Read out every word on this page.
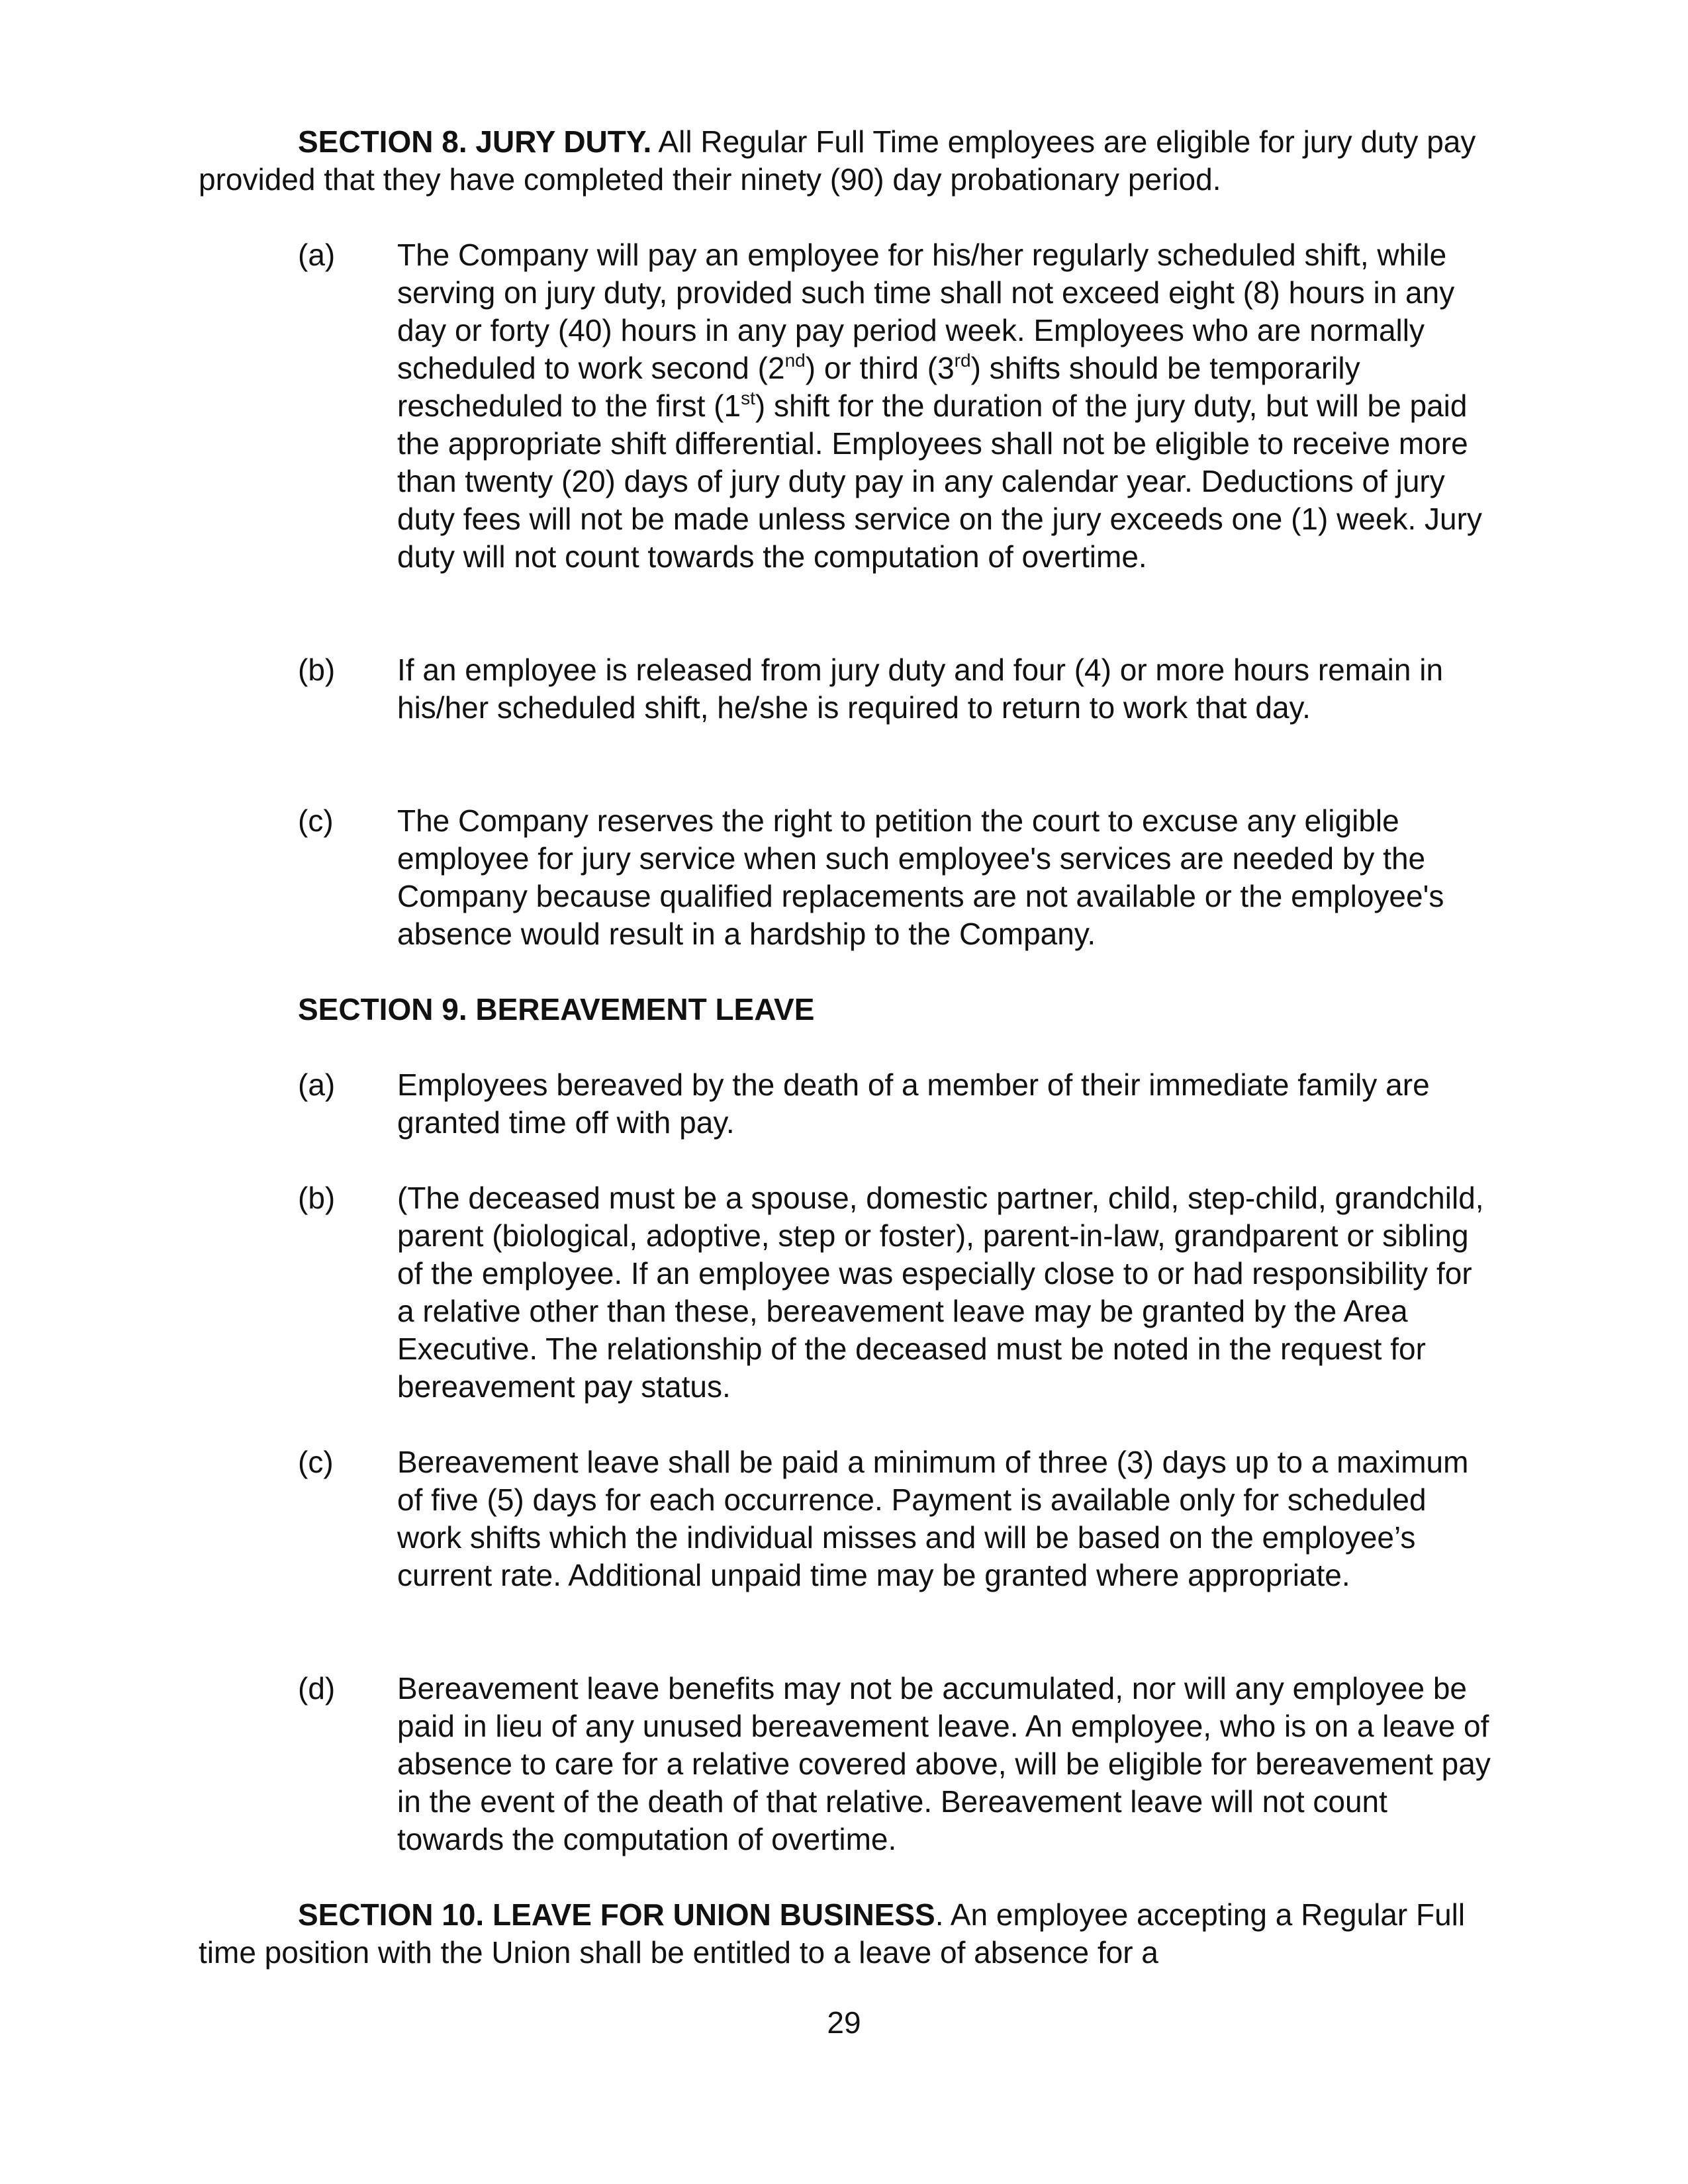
SECTION 8. JURY DUTY. All Regular Full Time employees are eligible for jury duty pay provided that they have completed their ninety (90) day probationary period.

(a) The Company will pay an employee for his/her regularly scheduled shift, while serving on jury duty, provided such time shall not exceed eight (8) hours in any day or forty (40) hours in any pay period week. Employees who are normally scheduled to work second (2nd) or third (3rd) shifts should be temporarily rescheduled to the first (1st) shift for the duration of the jury duty, but will be paid the appropriate shift differential. Employees shall not be eligible to receive more than twenty (20) days of jury duty pay in any calendar year. Deductions of jury duty fees will not be made unless service on the jury exceeds one (1) week. Jury duty will not count towards the computation of overtime.

(b) If an employee is released from jury duty and four (4) or more hours remain in his/her scheduled shift, he/she is required to return to work that day.

(c) The Company reserves the right to petition the court to excuse any eligible employee for jury service when such employee's services are needed by the Company because qualified replacements are not available or the employee's absence would result in a hardship to the Company.

SECTION 9. BEREAVEMENT LEAVE

(a) Employees bereaved by the death of a member of their immediate family are granted time off with pay.

(b) (The deceased must be a spouse, domestic partner, child, step-child, grandchild, parent (biological, adoptive, step or foster), parent-in-law, grandparent or sibling of the employee. If an employee was especially close to or had responsibility for a relative other than these, bereavement leave may be granted by the Area Executive. The relationship of the deceased must be noted in the request for bereavement pay status.

(c) Bereavement leave shall be paid a minimum of three (3) days up to a maximum of five (5) days for each occurrence. Payment is available only for scheduled work shifts which the individual misses and will be based on the employee’s current rate. Additional unpaid time may be granted where appropriate.

(d) Bereavement leave benefits may not be accumulated, nor will any employee be paid in lieu of any unused bereavement leave. An employee, who is on a leave of absence to care for a relative covered above, will be eligible for bereavement pay in the event of the death of that relative. Bereavement leave will not count towards the computation of overtime.

SECTION 10. LEAVE FOR UNION BUSINESS. An employee accepting a Regular Full time position with the Union shall be entitled to a leave of absence for a

29
